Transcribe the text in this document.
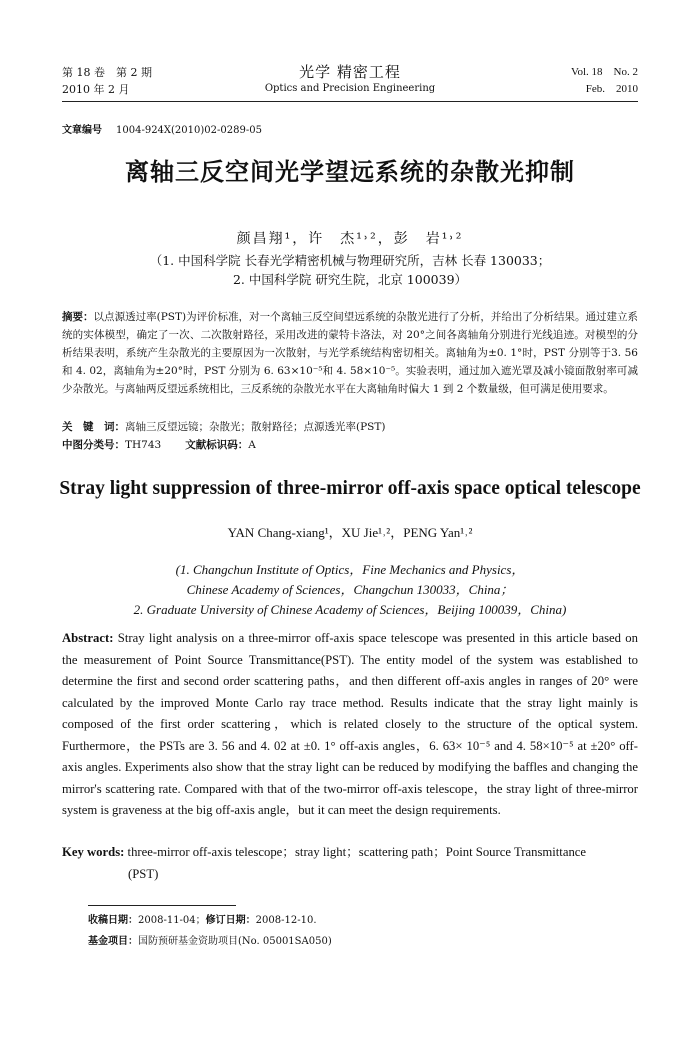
第 18 卷　第 2 期
2010 年 2 月
光学 精密工程
Optics and Precision Engineering
Vol. 18　No. 2
Feb.　2010
文章编号 1004-924X(2010)02-0289-05
离轴三反空间光学望远系统的杂散光抑制
颜昌翔¹，许　杰¹˒²，彭　岩¹˒²
（1. 中国科学院 长春光学精密机械与物理研究所，吉林 长春 130033；
2. 中国科学院 研究生院，北京 100039）
摘要：以点源透过率(PST)为评价标准，对一个离轴三反空间望远系统的杂散光进行了分析，并给出了分析结果。通过建立系统的实体模型，确定了一次、二次散射路径，采用改进的蒙特卡洛法，对 20°之间各离轴角分别进行光线追迹。对模型的分析结果表明，系统产生杂散光的主要原因为一次散射，与光学系统结构密切相关。离轴角为±0. 1°时，PST 分别等于3. 56和 4. 02，离轴角为±20°时，PST 分别为 6. 63×10⁻⁵和 4. 58×10⁻⁵。实验表明，通过加入遮光罩及减小镜面散射率可减少杂散光。与离轴两反望远系统相比，三反系统的杂散光水平在大离轴角时偏大 1 到 2 个数量级，但可满足使用要求。
关　键　词：离轴三反望远镜；杂散光；散射路径；点源透光率(PST)
中图分类号：TH743 文献标识码：A
Stray light suppression of three-mirror off-axis space optical telescope
YAN Chang-xiang¹，XU Jie¹˒²，PENG Yan¹˒²
(1. Changchun Institute of Optics，Fine Mechanics and Physics，
Chinese Academy of Sciences，Changchun 130033，China；
2. Graduate University of Chinese Academy of Sciences，Beijing 100039，China)
Abstract: Stray light analysis on a three-mirror off-axis space telescope was presented in this article based on the measurement of Point Source Transmittance(PST). The entity model of the system was established to determine the first and second order scattering paths，and then different off-axis angles in ranges of 20° were calculated by the improved Monte Carlo ray trace method. Results indicate that the stray light mainly is composed of the first order scattering，which is related closely to the structure of the optical system. Furthermore，the PSTs are 3. 56 and 4. 02 at ±0. 1° off-axis angles，6. 63× 10⁻⁵ and 4. 58×10⁻⁵ at ±20° off-axis angles. Experiments also show that the stray light can be reduced by modifying the baffles and changing the mirror's scattering rate. Compared with that of the two-mirror off-axis telescope，the stray light of three-mirror system is graveness at the big off-axis angle，but it can meet the design requirements.
Key words: three-mirror off-axis telescope；stray light；scattering path；Point Source Transmittance
(PST)
收稿日期：2008-11-04；修订日期：2008-12-10.
基金项目：国防预研基金资助项目(No. 05001SA050)
